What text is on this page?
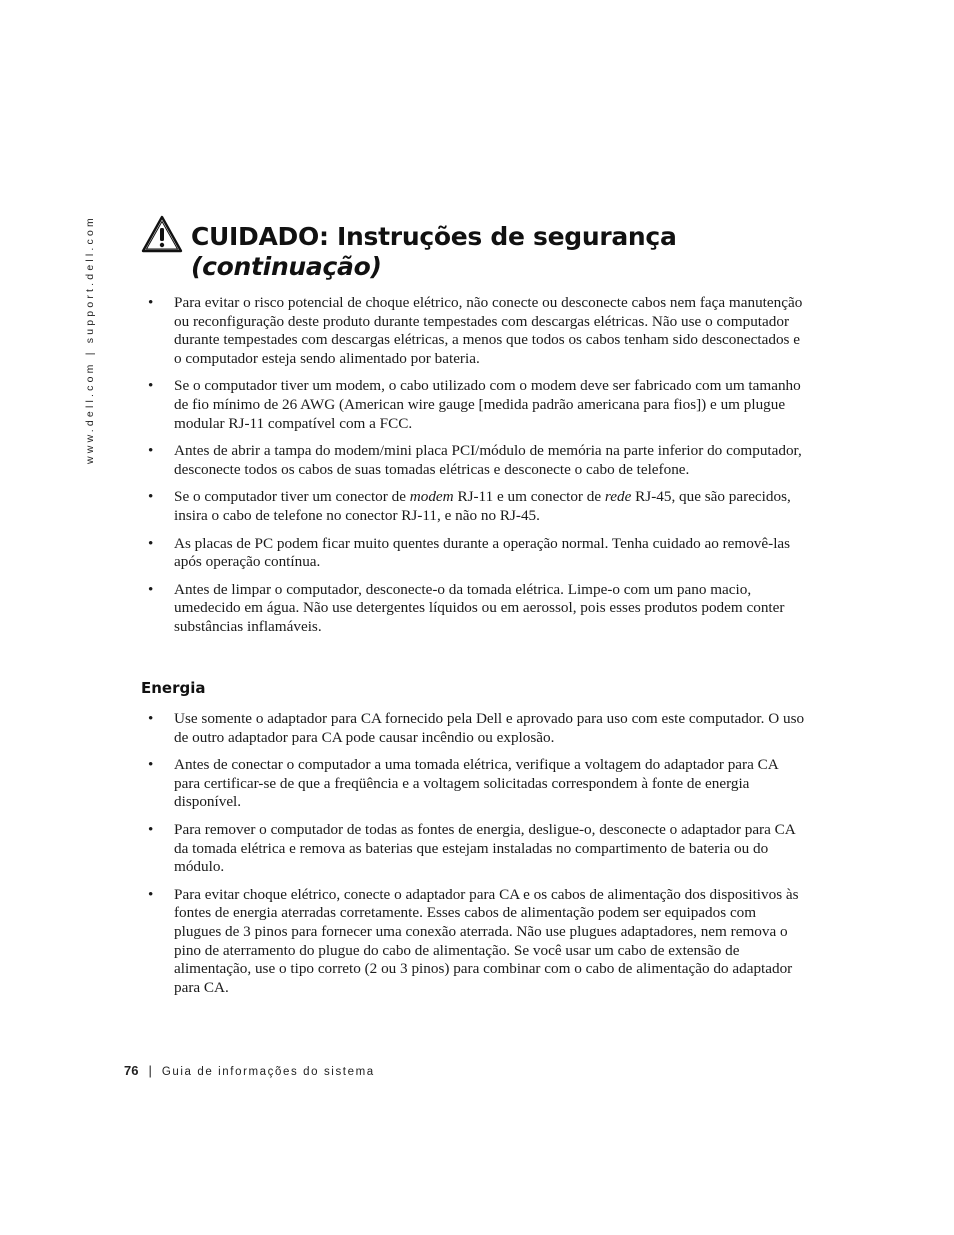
www.dell.com | support.dell.com	CUIDADO: Instruções de segurança
(continuação)
• Para evitar o risco potencial de choque elétrico, não conecte ou desconecte cabos nem faça manutenção ou reconfiguração deste produto durante tempestades com descargas elétricas. Não use o computador durante tempestades com descargas elétricas, a menos que todos os cabos tenham sido desconectados e o computador esteja sendo alimentado por bateria.
• Se o computador tiver um modem, o cabo utilizado com o modem deve ser fabricado com um tamanho de fio mínimo de 26 AWG (American wire gauge [medida padrão americana para fios]) e um plugue modular RJ-11 compatível com a FCC.
• Antes de abrir a tampa do modem/mini placa PCI/módulo de memória na parte inferior do computador, desconecte todos os cabos de suas tomadas elétricas e desconecte o cabo de telefone.
• Se o computador tiver um conector de modem RJ-11 e um conector de rede RJ-45, que são parecidos, insira o cabo de telefone no conector RJ-11, e não no RJ-45.
• As placas de PC podem ficar muito quentes durante a operação normal. Tenha cuidado ao removê-las após operação contínua.
• Antes de limpar o computador, desconecte-o da tomada elétrica. Limpe-o com um pano macio, umedecido em água. Não use detergentes líquidos ou em aerossol, pois esses produtos podem conter substâncias inflamáveis.
Energia
• Use somente o adaptador para CA fornecido pela Dell e aprovado para uso com este computador. O uso de outro adaptador para CA pode causar incêndio ou explosão.
• Antes de conectar o computador a uma tomada elétrica, verifique a voltagem do adaptador para CA para certificar-se de que a freqüência e a voltagem solicitadas correspondem à fonte de energia disponível.
• Para remover o computador de todas as fontes de energia, desligue-o, desconecte o adaptador para CA da tomada elétrica e remova as baterias que estejam instaladas no compartimento de bateria ou do módulo.
• Para evitar choque elétrico, conecte o adaptador para CA e os cabos de alimentação dos dispositivos às fontes de energia aterradas corretamente. Esses cabos de alimentação podem ser equipados com plugues de 3 pinos para fornecer uma conexão aterrada. Não use plugues adaptadores, nem remova o pino de aterramento do plugue do cabo de alimentação. Se você usar um cabo de extensão de alimentação, use o tipo correto (2 ou 3 pinos) para combinar com o cabo de alimentação do adaptador para CA.
76 | Guia de informações do sistema
